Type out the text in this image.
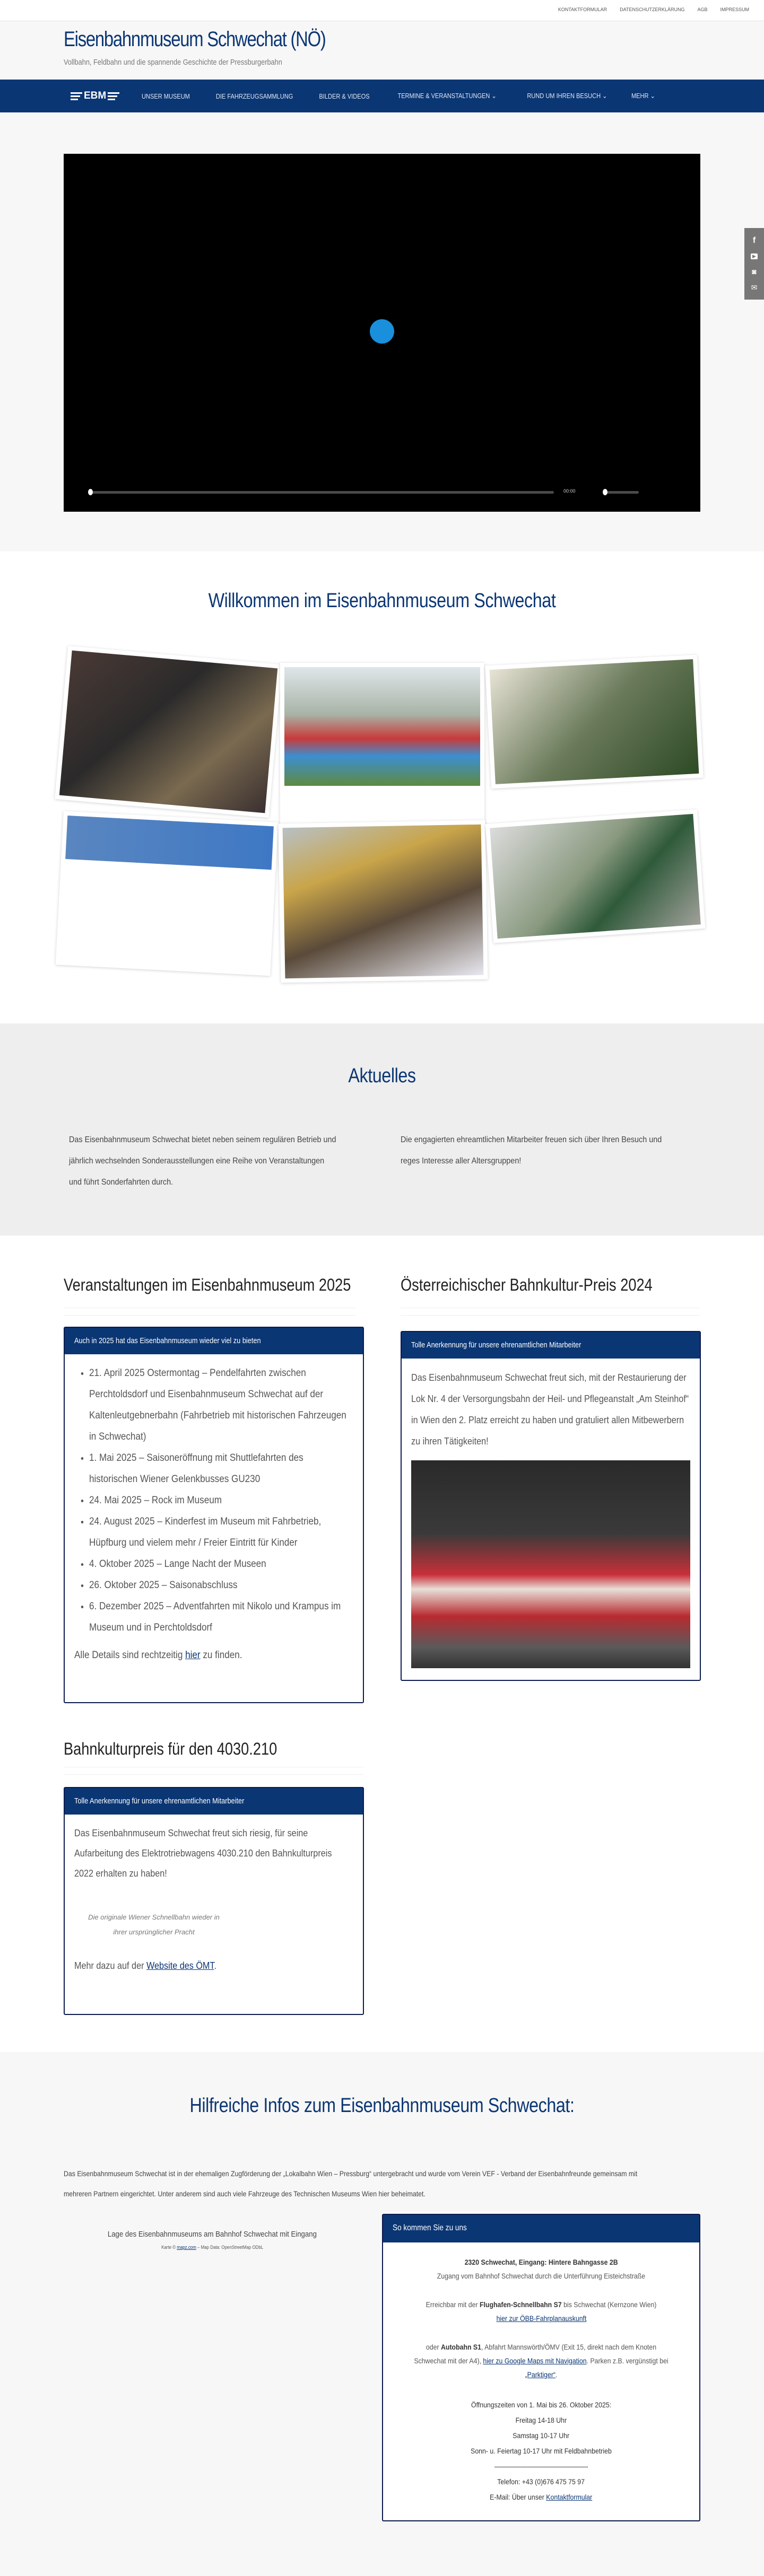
KONTAKTFORMULAR	DATENSCHUTZERKLÄRUNG	AGB	IMPRESSUM
Eisenbahnmuseum Schwechat (NÖ)
Vollbahn, Feldbahn und die spannende Geschichte der Pressburgerbahn
EBM	UNSER MUSEUM	DIE FAHRZEUGSAMMLUNG	BILDER & VIDEOS	TERMINE & VERANSTALTUNGEN ⌄	RUND UM IHREN BESUCH ⌄	MEHR ⌄
00:00
f
▶
◙
✉
Willkommen im Eisenbahnmuseum Schwechat
Aktuelles

Das Eisenbahnmuseum Schwechat bietet neben seinem regulären Betrieb und jährlich wechselnden Sonderausstellungen eine Reihe von Veranstaltungen und führt Sonderfahrten durch.

Die engagierten ehreamtlichen Mitarbeiter freuen sich über Ihren Besuch und reges Interesse aller Altersgruppen!

Veranstaltungen im Eisenbahnmuseum 2025
Auch in 2025 hat das Eisenbahnmuseum wieder viel zu bieten
• 21. April 2025 Ostermontag – Pendelfahrten zwischen Perchtoldsdorf und Eisenbahnmuseum Schwechat auf der Kaltenleutgebnerbahn (Fahrbetrieb mit historischen Fahrzeugen in Schwechat)
• 1. Mai 2025 – Saisoneröffnung mit Shuttlefahrten des historischen Wiener Gelenkbusses GU230
• 24. Mai 2025 – Rock im Museum
• 24. August 2025 – Kinderfest im Museum mit Fahrbetrieb, Hüpfburg und vielem mehr / Freier Eintritt für Kinder
• 4. Oktober 2025 – Lange Nacht der Museen
• 26. Oktober 2025 – Saisonabschluss
• 6. Dezember 2025 – Adventfahrten mit Nikolo und Krampus im Museum und in Perchtoldsdorf

Alle Details sind rechtzeitig hier zu finden.

Österreichischer Bahnkultur-Preis 2024
Tolle Anerkennung für unsere ehrenamtlichen Mitarbeiter

Das Eisenbahnmuseum Schwechat freut sich, mit der Restaurierung der Lok Nr. 4 der Versorgungsbahn der Heil- und Pflegeanstalt „Am Steinhof“ in Wien den 2. Platz erreicht zu haben und gratuliert allen Mitbewerbern zu ihren Tätigkeiten!

Bahnkulturpreis für den 4030.210
Tolle Anerkennung für unsere ehrenamtlichen Mitarbeiter

Das Eisenbahnmuseum Schwechat freut sich riesig, für seine Aufarbeitung des Elektrotriebwagens 4030.210 den Bahnkulturpreis 2022 erhalten zu haben!

Die originale Wiener Schnellbahn wieder in ihrer ursprünglicher Pracht

Mehr dazu auf der Website des ÖMT.

Hilfreiche Infos zum Eisenbahnmuseum Schwechat:

Das Eisenbahnmuseum Schwechat ist in der ehemaligen Zugförderung der „Lokalbahn Wien – Pressburg“ untergebracht und wurde vom Verein VEF - Verband der Eisenbahnfreunde gemeinsam mit mehreren Partnern eingerichtet. Unter anderem sind auch viele Fahrzeuge des Technischen Museums Wien hier beheimatet.

Lage des Eisenbahnmuseums am Bahnhof Schwechat mit Eingang
Karte © mapz.com – Map Data: OpenStreetMap ODbL
So kommen Sie zu uns
2320 Schwechat, Eingang: Hintere Bahngasse 2B
Zugang vom Bahnhof Schwechat durch die Unterführung Eisteichstraße Erreichbar mit der Flughafen-Schnellbahn S7 bis Schwechat (Kernzone Wien)
hier zur ÖBB-Fahrplanauskunft oder Autobahn S1, Abfahrt Mannswörth/ÖMV (Exit 15, direkt nach dem Knoten Schwechat mit der A4), hier zu Google Maps mit Navigation. Parken z.B. vergünstigt bei „Parktiger“.
Öffnungszeiten von 1. Mai bis 26. Oktober 2025:
Freitag 14-18 Uhr
Samstag 10-17 Uhr
Sonn- u. Feiertag 10-17 Uhr mit Feldbahnbetrieb
——————————————-
Telefon: +43 (0)676 475 75 97
E-Mail: Über unser Kontaktformular
